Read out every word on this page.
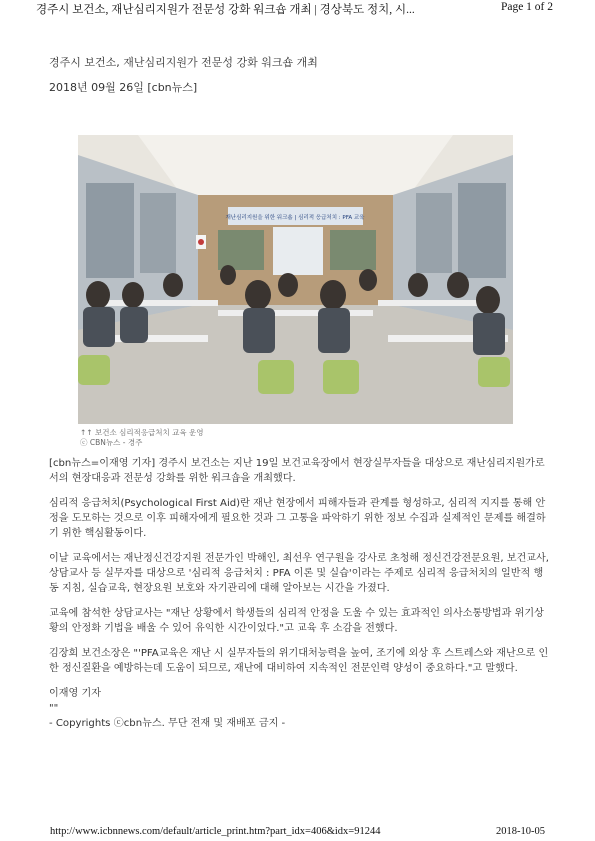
경주시 보건소, 재난심리지원가 전문성 강화 워크숍 개최 | 경상북도 정치, 시...	Page 1 of 2
경주시 보건소, 재난심리지원가 전문성 강화 워크숍 개최
2018년 09월 26일 [cbn뉴스]
재난심리지원을 위한 워크숍 | 심리적 응급처치 : PFA 교육
↑↑ 보건소 심리적응급처치 교육 운영
ⓒ CBN뉴스 - 경주

[cbn뉴스=이재영 기자] 경주시 보건소는 지난 19일 보건교육장에서 현장실무자들을 대상으로 재난심리지원가로서의 현장대응과 전문성 강화를 위한 워크숍을 개최했다.

심리적 응급처치(Psychological First Aid)란 재난 현장에서 피해자들과 관계를 형성하고, 심리적 지지를 통해 안정을 도모하는 것으로 이후 피해자에게 필요한 것과 그 고통을 파악하기 위한 정보 수집과 실제적인 문제를 해결하기 위한 핵심활동이다.

이날 교육에서는 재난정신건강지원 전문가인 박해인, 최선우 연구원을 강사로 초청해 정신건강전문요원, 보건교사, 상담교사 등 실무자를 대상으로 '심리적 응급처치 : PFA 이론 및 실습'이라는 주제로 심리적 응급처치의 일반적 행동 지침, 실습교육, 현장요원 보호와 자기관리에 대해 알아보는 시간을 가졌다.

교육에 참석한 상담교사는 "재난 상황에서 학생들의 심리적 안정을 도울 수 있는 효과적인 의사소통방법과 위기상황의 안정화 기법을 배울 수 있어 유익한 시간이었다."고 교육 후 소감을 전했다.

김장희 보건소장은 "'PFA교육은 재난 시 실무자들의 위기대처능력을 높여, 조기에 외상 후 스트레스와 재난으로 인한 정신질환을 예방하는데 도움이 되므로, 재난에 대비하여 지속적인 전문인력 양성이 중요하다."고 말했다.

이재영 기자

""

- Copyrights ⓒcbn뉴스. 무단 전재 및 재배포 금지 -

http://www.icbnnews.com/default/article_print.htm?part_idx=406&idx=91244	2018-10-05
